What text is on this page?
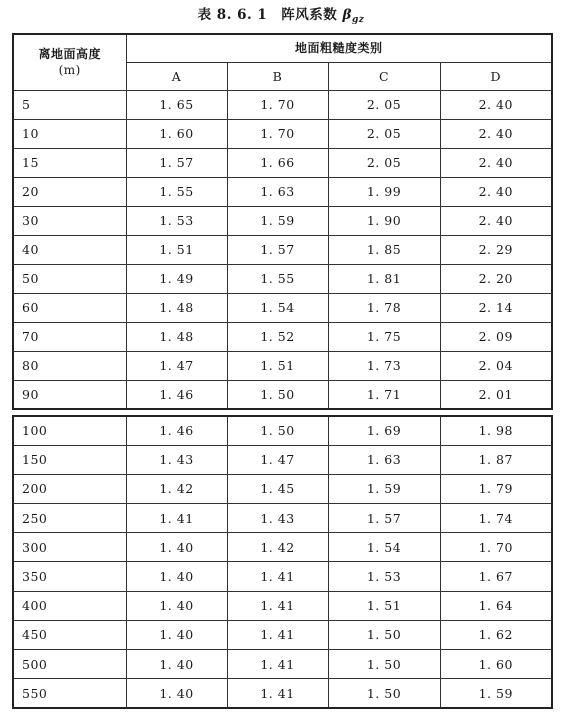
表 8. 6. 1 阵风系数 $\beta_{gz}$
离地面高度
(m)	地面粗糙度类别			
	A	B	C	D
5	1. 65	1. 70	2. 05	2. 40
10	1. 60	1. 70	2. 05	2. 40
15	1. 57	1. 66	2. 05	2. 40
20	1. 55	1. 63	1. 99	2. 40
30	1. 53	1. 59	1. 90	2. 40
40	1. 51	1. 57	1. 85	2. 29
50	1. 49	1. 55	1. 81	2. 20
60	1. 48	1. 54	1. 78	2. 14
70	1. 48	1. 52	1. 75	2. 09
80	1. 47	1. 51	1. 73	2. 04
90	1. 46	1. 50	1. 71	2. 01
100	1. 46	1. 50	1. 69	1. 98
150	1. 43	1. 47	1. 63	1. 87
200	1. 42	1. 45	1. 59	1. 79
250	1. 41	1. 43	1. 57	1. 74
300	1. 40	1. 42	1. 54	1. 70
350	1. 40	1. 41	1. 53	1. 67
400	1. 40	1. 41	1. 51	1. 64
450	1. 40	1. 41	1. 50	1. 62
500	1. 40	1. 41	1. 50	1. 60
550	1. 40	1. 41	1. 50	1. 59
